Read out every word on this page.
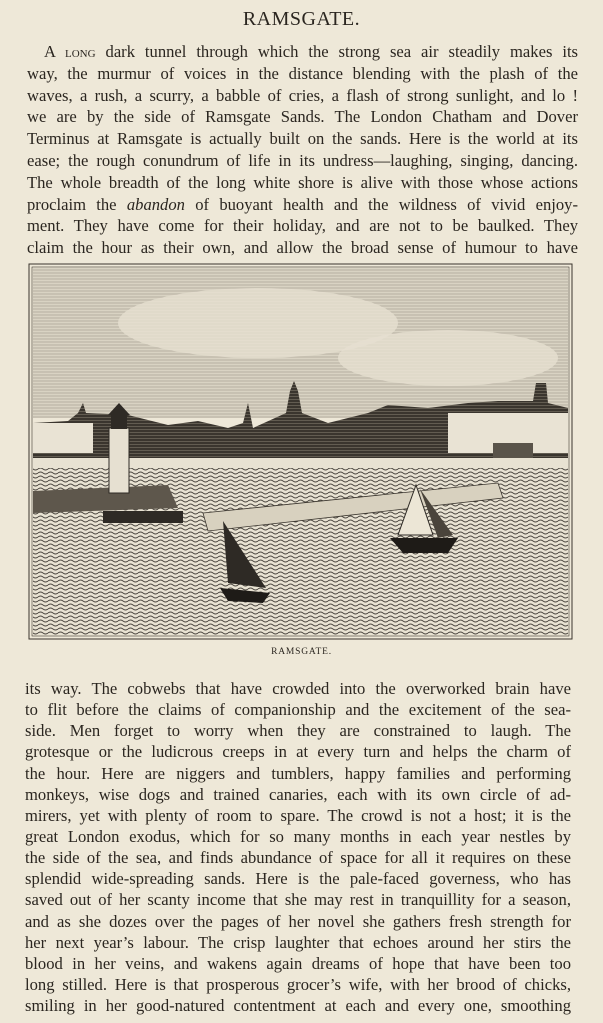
RAMSGATE.
A long dark tunnel through which the strong sea air steadily makes its
way, the murmur of voices in the distance blending with the plash of the
waves, a rush, a scurry, a babble of cries, a flash of strong sunlight, and lo !
we are by the side of Ramsgate Sands. The London Chatham and Dover
Terminus at Ramsgate is actually built on the sands. Here is the world at its
ease; the rough conundrum of life in its undress—laughing, singing, dancing.
The whole breadth of the long white shore is alive with those whose actions
proclaim the abandon of buoyant health and the wildness of vivid enjoy-
ment. They have come for their holiday, and are not to be baulked. They
claim the hour as their own, and allow the broad sense of humour to have
RAMSGATE.
its way. The cobwebs that have crowded into the overworked brain have
to flit before the claims of companionship and the excitement of the sea-
side. Men forget to worry when they are constrained to laugh. The
grotesque or the ludicrous creeps in at every turn and helps the charm of
the hour. Here are niggers and tumblers, happy families and performing
monkeys, wise dogs and trained canaries, each with its own circle of ad-
mirers, yet with plenty of room to spare. The crowd is not a host; it is the
great London exodus, which for so many months in each year nestles by
the side of the sea, and finds abundance of space for all it requires on these
splendid wide-spreading sands. Here is the pale-faced governess, who has
saved out of her scanty income that she may rest in tranquillity for a season,
and as she dozes over the pages of her novel she gathers fresh strength for
her next year’s labour. The crisp laughter that echoes around her stirs the
blood in her veins, and wakens again dreams of hope that have been too
long stilled. Here is that prosperous grocer’s wife, with her brood of chicks,
smiling in her good-natured contentment at each and every one, smoothing
